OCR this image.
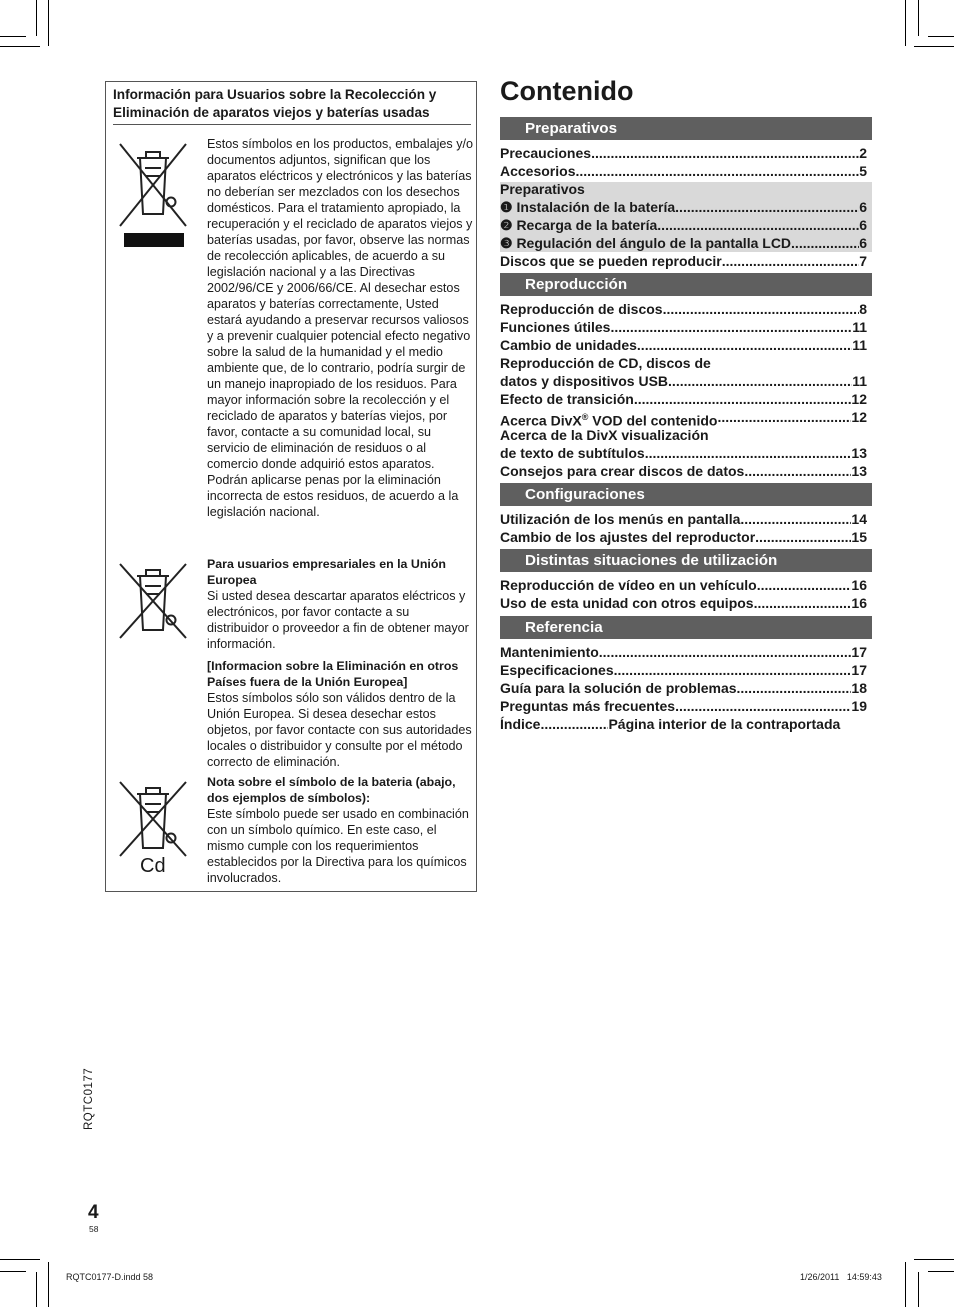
Información para Usuarios sobre la Recolección y Eliminación de aparatos viejos y baterías usadas
Estos símbolos en los productos, embalajes y/o documentos adjuntos, significan que los aparatos eléctricos y electrónicos y las baterías no deberían ser mezclados con los desechos domésticos. Para el tratamiento apropiado, la recuperación y el reciclado de aparatos viejos y baterías usadas, por favor, observe las normas de recolección aplicables, de acuerdo a su legislación nacional y a las Directivas 2002/96/CE y 2006/66/CE. Al desechar estos aparatos y baterías correctamente, Usted estará ayudando a preservar recursos valiosos y a prevenir cualquier potencial efecto negativo sobre la salud de la humanidad y el medio ambiente que, de lo contrario, podría surgir de un manejo inapropiado de los residuos. Para mayor información sobre la recolección y el reciclado de aparatos y baterías viejos, por favor, contacte a su comunidad local, su servicio de eliminación de residuos o al comercio donde adquirió estos aparatos. Podrán aplicarse penas por la eliminación incorrecta de estos residuos, de acuerdo a la legislación nacional.
Para usuarios empresariales en la Unión Europea

Si usted desea descartar aparatos eléctricos y electrónicos, por favor contacte a su distribuidor o proveedor a fin de obtener mayor información.

[Informacion sobre la Eliminación en otros Países fuera de la Unión Europea]

Estos símbolos sólo son válidos dentro de la Unión Europea. Si desea desechar estos objetos, por favor contacte con sus autoridades locales o distribuidor y consulte por el método correcto de eliminación.

Cd
Nota sobre el símbolo de la bateria (abajo, dos ejemplos de símbolos):

Este símbolo puede ser usado en combinación con un símbolo químico. En este caso, el mismo cumple con los requerimientos establecidos por la Directiva para los químicos involucrados.

Contenido
Preparativos
Precauciones .....	2
Accesorios .....	5
Preparativos
❶ Instalación de la batería .....	6
❷ Recarga de la batería .....	6
❸ Regulación del ángulo de la pantalla LCD .....	6
Discos que se pueden reproducir .....	7
Reproducción
Reproducción de discos .....	8
Funciones útiles .....	11
Cambio de unidades .....	11
Reproducción de CD, discos de
datos y dispositivos USB .....	11
Efecto de transición .....	12
Acerca DivX® VOD del contenido .....	12
Acerca de la DivX visualización
de texto de subtítulos .....	13
Consejos para crear discos de datos .....	13
Configuraciones
Utilización de los menús en pantalla .....	14
Cambio de los ajustes del reproductor .....	15
Distintas situaciones de utilización
Reproducción de vídeo en un vehículo .....	16
Uso de esta unidad con otros equipos .....	16
Referencia
Mantenimiento .....	17
Especificaciones .....	17
Guía para la solución de problemas .....	18
Preguntas más frecuentes .....	19
Índice .....	Página interior de la contraportada
RQTC0177
4
58
RQTC0177-D.indd 58	1/26/2011   14:59:43
